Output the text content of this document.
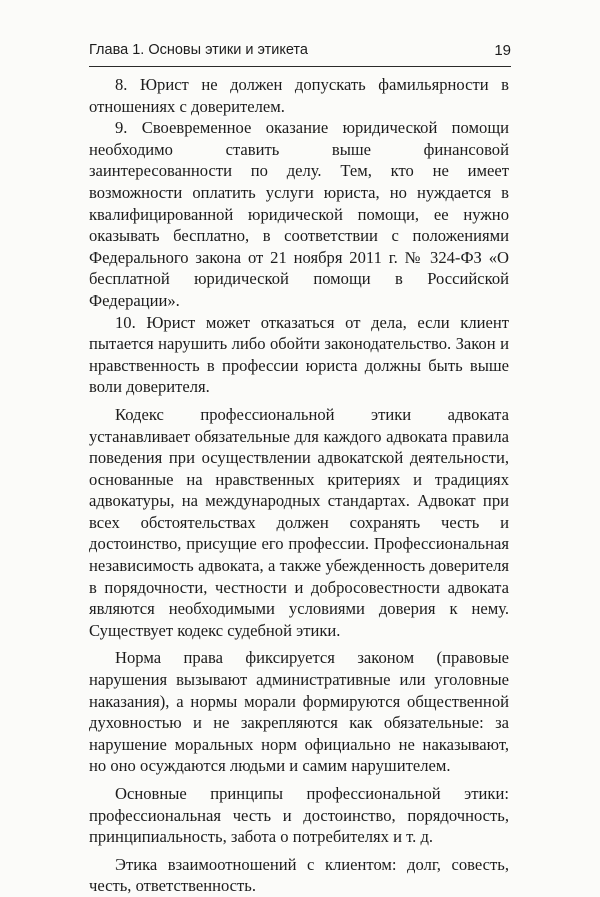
Глава 1. Основы этики и этикета	19

8. Юрист не должен допускать фамильярности в отношениях с доверителем.

9. Своевременное оказание юридической помощи необходимо ставить выше финансовой заинтересованности по делу. Тем, кто не имеет возможности оплатить услуги юриста, но нуждается в квалифицированной юридической помощи, ее нужно оказывать бесплатно, в соответствии с положениями Федерального закона от 21 ноября 2011 г. № 324-ФЗ «О бесплатной юридической помощи в Российской Федерации».

10. Юрист может отказаться от дела, если клиент пытается нарушить либо обойти законодательство. Закон и нравственность в профессии юриста должны быть выше воли доверителя.

Кодекс профессиональной этики адвоката устанавливает обязательные для каждого адвоката правила поведения при осуществлении адвокатской деятельности, основанные на нравственных критериях и традициях адвокатуры, на международных стандартах. Адвокат при всех обстоятельствах должен сохранять честь и достоинство, присущие его профессии. Профессиональная независимость адвоката, а также убежденность доверителя в порядочности, честности и добросовестности адвоката являются необходимыми условиями доверия к нему. Существует кодекс судебной этики.

Норма права фиксируется законом (правовые нарушения вызывают административные или уголовные наказания), а нормы морали формируются общественной духовностью и не закрепляются как обязательные: за нарушение моральных норм официально не наказывают, но оно осуждаются людьми и самим нарушителем.

Основные принципы профессиональной этики: профессиональная честь и достоинство, порядочность, принципиальность, забота о потребителях и т. д.

Этика взаимоотношений с клиентом: долг, совесть, честь, ответственность.
